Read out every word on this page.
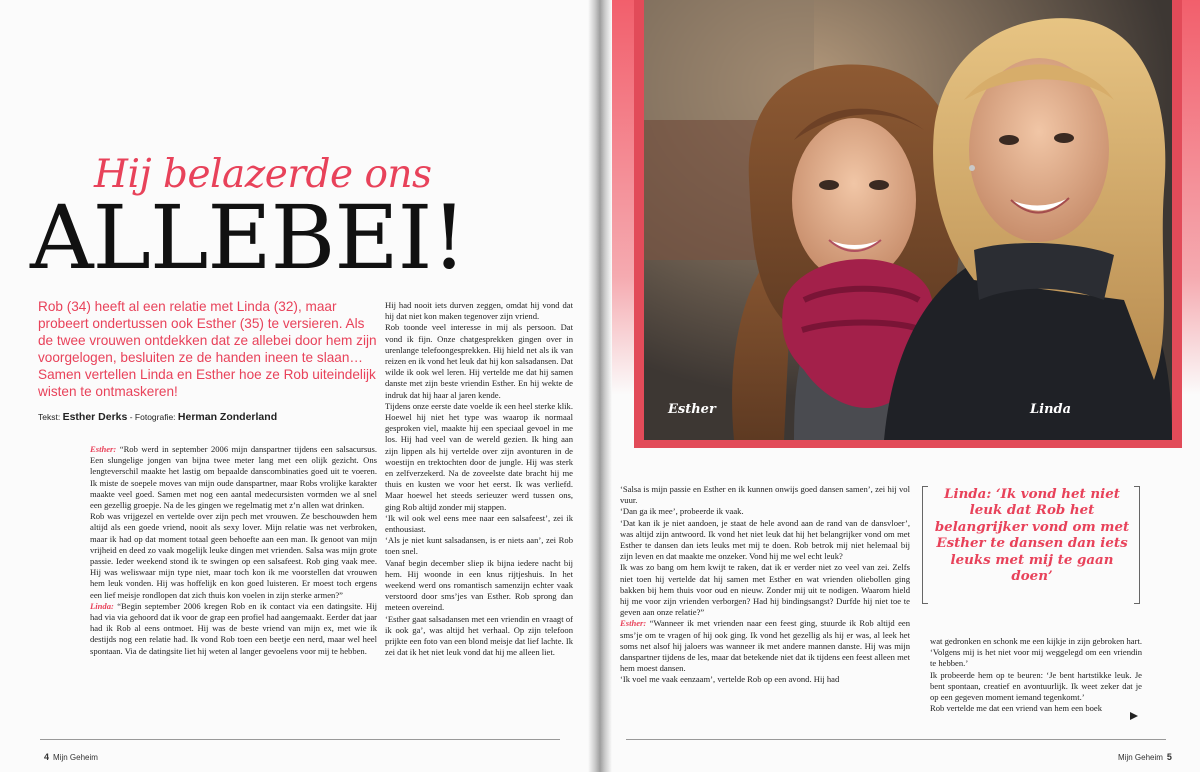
Hij belazerde ons
ALLEBEI!
Rob (34) heeft al een relatie met Linda (32), maar probeert ondertussen ook Esther (35) te versieren. Als de twee vrouwen ontdekken dat ze allebei door hem zijn voorgelogen, besluiten ze de handen ineen te slaan… Samen vertellen Linda en Esther hoe ze Rob uiteindelijk wisten te ontmaskeren!
Tekst: Esther Derks - Fotografie: Herman Zonderland

Esther: “Rob werd in september 2006 mijn danspartner tijdens een salsacursus. Een slungelige jongen van bijna twee meter lang met een olijk gezicht. Ons lengteverschil maakte het lastig om bepaalde danscombinaties goed uit te voeren. Ik miste de soepele moves van mijn oude danspartner, maar Robs vrolijke karakter maakte veel goed. Samen met nog een aantal medecursisten vormden we al snel een gezellig groepje. Na de les gingen we regelmatig met z’n allen wat drinken.

Rob was vrijgezel en vertelde over zijn pech met vrouwen. Ze beschouwden hem altijd als een goede vriend, nooit als sexy lover. Mijn relatie was net verbroken, maar ik had op dat moment totaal geen behoefte aan een man. Ik genoot van mijn vrijheid en deed zo vaak mogelijk leuke dingen met vrienden. Salsa was mijn grote passie. Ieder weekend stond ik te swingen op een salsafeest. Rob ging vaak mee. Hij was weliswaar mijn type niet, maar toch kon ik me voorstellen dat vrouwen hem leuk vonden. Hij was hoffelijk en kon goed luisteren. Er moest toch ergens een lief meisje rondlopen dat zich thuis kon voelen in zijn sterke armen?”

Linda: “Begin september 2006 kregen Rob en ik contact via een datingsite. Hij had via via gehoord dat ik voor de grap een profiel had aangemaakt. Eerder dat jaar had ik Rob al eens ontmoet. Hij was de beste vriend van mijn ex, met wie ik destijds nog een relatie had. Ik vond Rob toen een beetje een nerd, maar wel heel spontaan. Via de datingsite liet hij weten al langer gevoelens voor mij te hebben.

Hij had nooit iets durven zeggen, omdat hij vond dat hij dat niet kon maken tegenover zijn vriend.

Rob toonde veel interesse in mij als persoon. Dat vond ik fijn. Onze chatgesprekken gingen over in urenlange telefoongesprekken. Hij hield net als ik van reizen en ik vond het leuk dat hij kon salsadansen. Dat wilde ik ook wel leren. Hij vertelde me dat hij samen danste met zijn beste vriendin Esther. En hij wekte de indruk dat hij haar al jaren kende.

Tijdens onze eerste date voelde ik een heel sterke klik. Hoewel hij niet het type was waarop ik normaal gesproken viel, maakte hij een speciaal gevoel in me los. Hij had veel van de wereld gezien. Ik hing aan zijn lippen als hij vertelde over zijn avonturen in de woestijn en trektochten door de jungle. Hij was sterk en zelfverzekerd. Na de zoveelste date bracht hij me thuis en kusten we voor het eerst. Ik was verliefd. Maar hoewel het steeds serieuzer werd tussen ons, ging Rob altijd zonder mij stappen.

‘Ik wil ook wel eens mee naar een salsafeest’, zei ik enthousiast.

‘Als je niet kunt salsadansen, is er niets aan’, zei Rob toen snel.

Vanaf begin december sliep ik bijna iedere nacht bij hem. Hij woonde in een knus rijtjeshuis. In het weekend werd ons romantisch samenzijn echter vaak verstoord door sms’jes van Esther. Rob sprong dan meteen overeind.

‘Esther gaat salsadansen met een vriendin en vraagt of ik ook ga’, was altijd het verhaal. Op zijn telefoon prijkte een foto van een blond meisje dat lief lachte. Ik zei dat ik het niet leuk vond dat hij me alleen liet.

4 Mijn Geheim
Esther	Linda

‘Salsa is mijn passie en Esther en ik kunnen onwijs goed dansen samen’, zei hij vol vuur.

‘Dan ga ik mee’, probeerde ik vaak.

‘Dat kan ik je niet aandoen, je staat de hele avond aan de rand van de dansvloer’, was altijd zijn antwoord. Ik vond het niet leuk dat hij het belangrijker vond om met Esther te dansen dan iets leuks met mij te doen. Rob betrok mij niet helemaal bij zijn leven en dat maakte me onzeker. Vond hij me wel echt leuk?

Ik was zo bang om hem kwijt te raken, dat ik er verder niet zo veel van zei. Zelfs niet toen hij vertelde dat hij samen met Esther en wat vrienden oliebollen ging bakken bij hem thuis voor oud en nieuw. Zonder mij uit te nodigen. Waarom hield hij me voor zijn vrienden verborgen? Had hij bindingsangst? Durfde hij niet toe te geven aan onze relatie?”

Esther: “Wanneer ik met vrienden naar een feest ging, stuurde ik Rob altijd een sms’je om te vragen of hij ook ging. Ik vond het gezellig als hij er was, al leek het soms net alsof hij jaloers was wanneer ik met andere mannen danste. Hij was mijn danspartner tijdens de les, maar dat betekende niet dat ik tijdens een feest alleen met hem moest dansen.

‘Ik voel me vaak eenzaam’, vertelde Rob op een avond. Hij had

Linda: ‘Ik vond het niet leuk dat Rob het belangrijker vond om met Esther te dansen dan iets leuks met mij te gaan doen’

wat gedronken en schonk me een kijkje in zijn gebroken hart. ‘Volgens mij is het niet voor mij weggelegd om een vriendin te hebben.’

Ik probeerde hem op te beuren: ‘Je bent hartstikke leuk. Je bent spontaan, creatief en avontuurlijk. Ik weet zeker dat je op een gegeven moment iemand tegenkomt.’

Rob vertelde me dat een vriend van hem een boek

Mijn Geheim 5
